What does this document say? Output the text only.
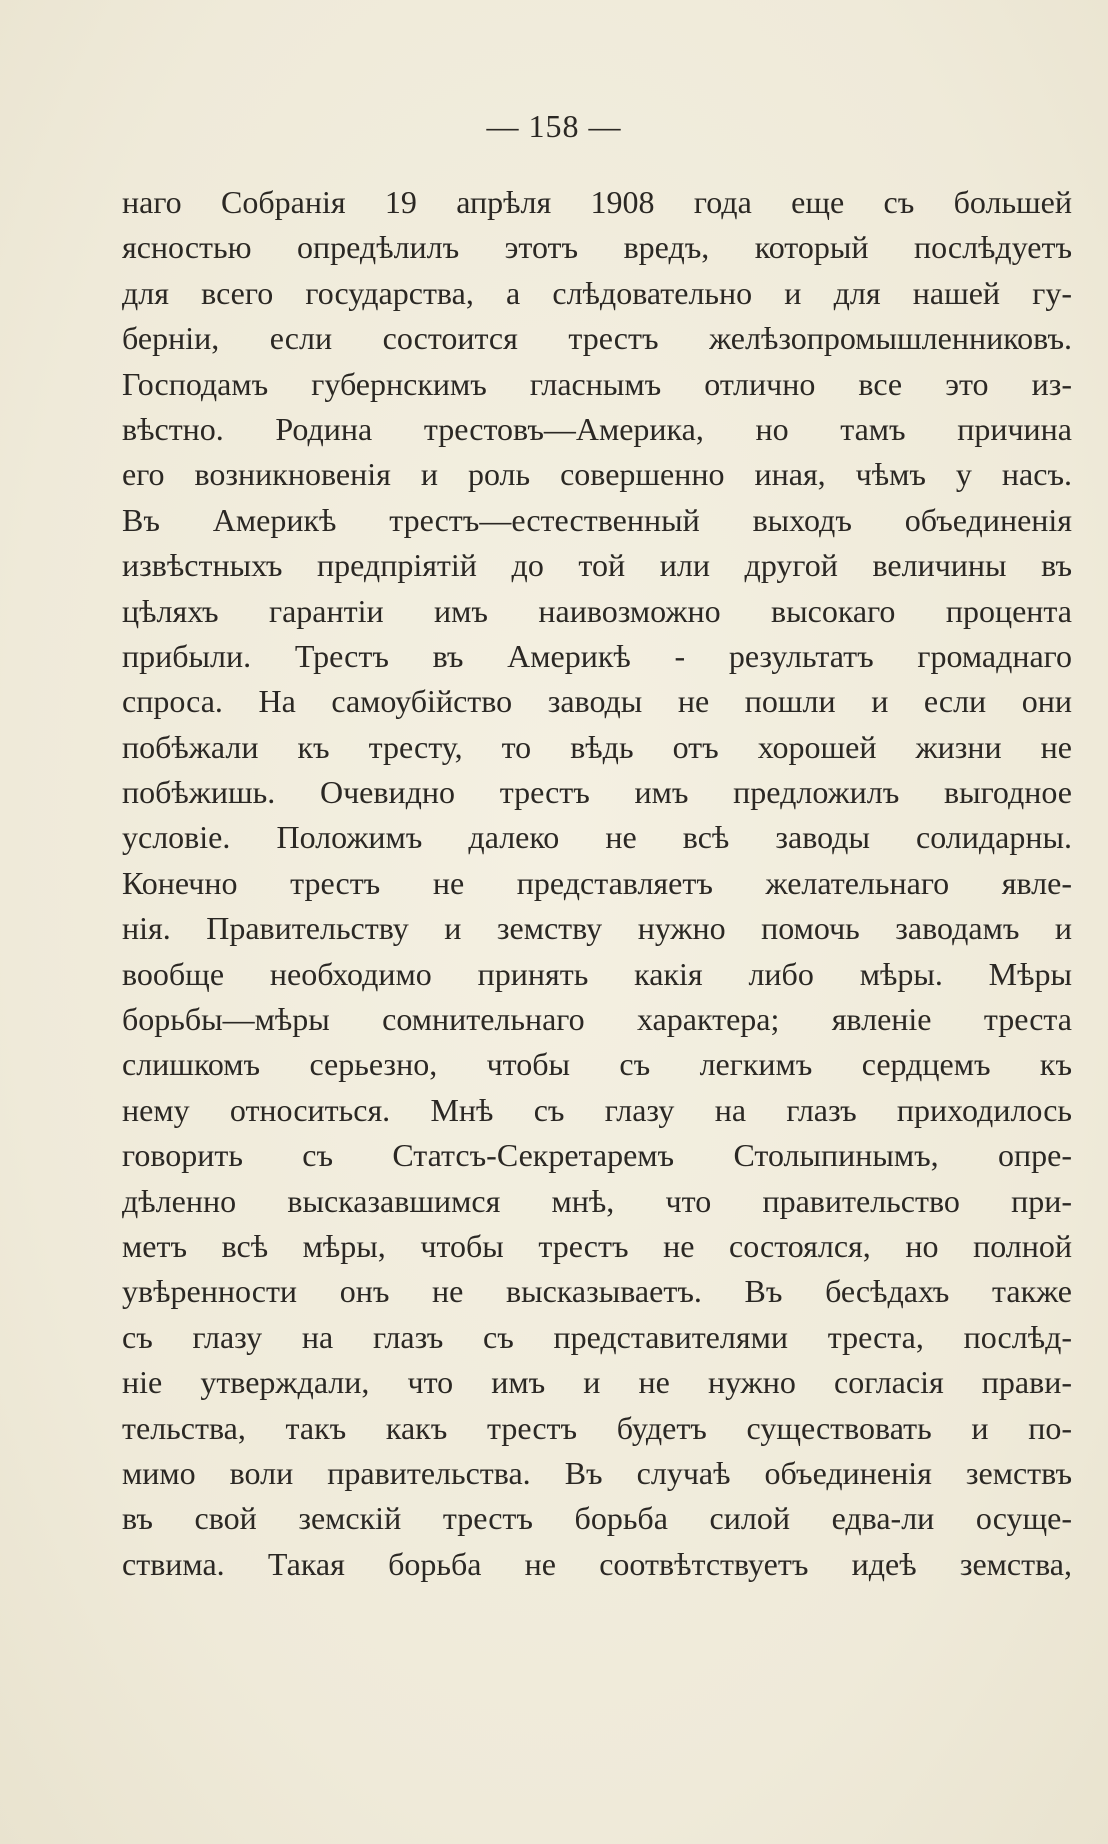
— 158 —
наго Собранія 19 апрѣля 1908 года еще съ большей
ясностью опредѣлилъ этотъ вредъ, который послѣдуетъ
для всего государства, а слѣдовательно и для нашей гу-
берніи, если состоится трестъ желѣзопромышленниковъ.
Господамъ губернскимъ гласнымъ отлично все это из-
вѣстно. Родина трестовъ—Америка, но тамъ причина
его возникновенія и роль совершенно иная, чѣмъ у насъ.
Въ Америкѣ трестъ—естественный выходъ объединенія
извѣстныхъ предпріятій до той или другой величины въ
цѣляхъ гарантіи имъ наивозможно высокаго процента
прибыли. Трестъ въ Америкѣ - результатъ громаднаго
спроса. На самоубійство заводы не пошли и если они
побѣжали къ тресту, то вѣдь отъ хорошей жизни не
побѣжишь. Очевидно трестъ имъ предложилъ выгодное
условіе. Положимъ далеко не всѣ заводы солидарны.
Конечно трестъ не представляетъ желательнаго явле-
нія. Правительству и земству нужно помочь заводамъ и
вообще необходимо принять какія либо мѣры. Мѣры
борьбы—мѣры сомнительнаго характера; явленіе треста
слишкомъ серьезно, чтобы съ легкимъ сердцемъ къ
нему относиться. Мнѣ съ глазу на глазъ приходилось
говорить съ Статсъ-Секретаремъ Столыпинымъ, опре-
дѣленно высказавшимся мнѣ, что правительство при-
метъ всѣ мѣры, чтобы трестъ не состоялся, но полной
увѣренности онъ не высказываетъ. Въ бесѣдахъ также
съ глазу на глазъ съ представителями треста, послѣд-
ніе утверждали, что имъ и не нужно согласія прави-
тельства, такъ какъ трестъ будетъ существовать и по-
мимо воли правительства. Въ случаѣ объединенія земствъ
въ свой земскій трестъ борьба силой едва-ли осуще-
ствима. Такая борьба не соотвѣтствуетъ идеѣ земства,
